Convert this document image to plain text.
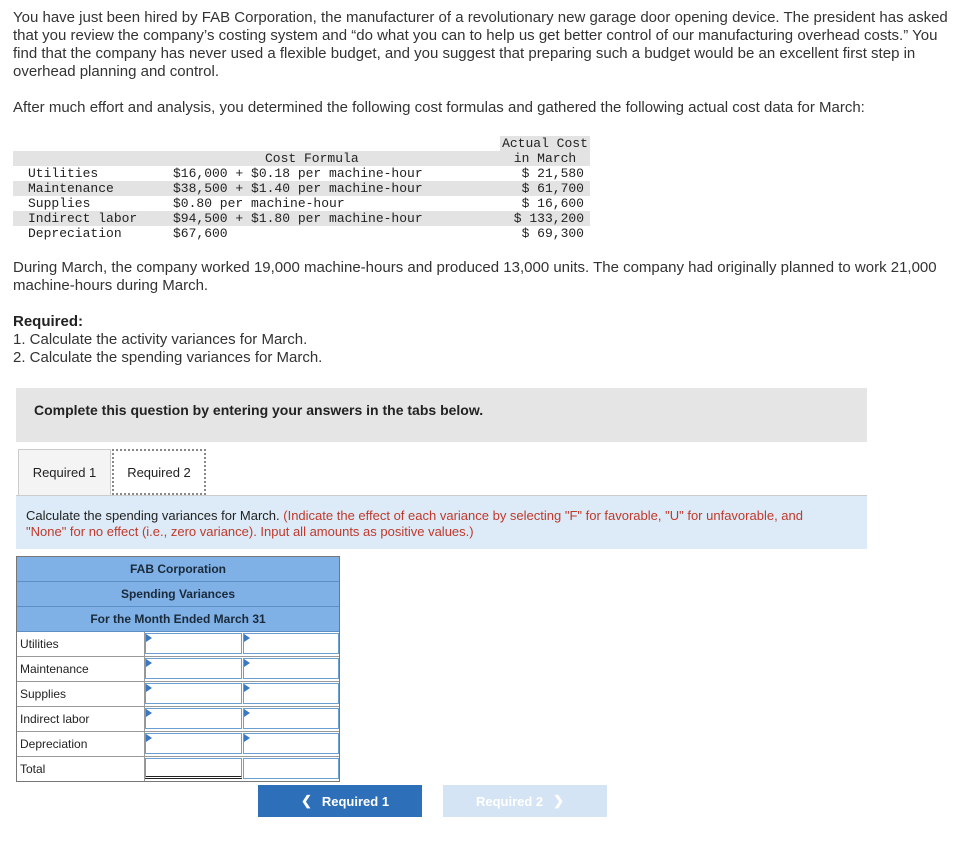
You have just been hired by FAB Corporation, the manufacturer of a revolutionary new garage door opening device. The president has asked that you review the company’s costing system and “do what you can to help us get better control of our manufacturing overhead costs.” You find that the company has never used a flexible budget, and you suggest that preparing such a budget would be an excellent first step in overhead planning and control.
After much effort and analysis, you determined the following cost formulas and gathered the following actual cost data for March:
Cost Formula
Actual Cost
in March
Utilities	$16,000 + $0.18 per machine-hour	$ 21,580
Maintenance	$38,500 + $1.40 per machine-hour	$ 61,700
Supplies	$0.80 per machine-hour	$ 16,600
Indirect labor	$94,500 + $1.80 per machine-hour	$ 133,200
Depreciation	$67,600	$ 69,300
During March, the company worked 19,000 machine-hours and produced 13,000 units. The company had originally planned to work 21,000 machine-hours during March.
Required:
1. Calculate the activity variances for March.
2. Calculate the spending variances for March.
Complete this question by entering your answers in the tabs below.
Required 1	Required 2
Calculate the spending variances for March. (Indicate the effect of each variance by selecting "F" for favorable, "U" for unfavorable, and "None" for no effect (i.e., zero variance). Input all amounts as positive values.)
FAB Corporation
Spending Variances
For the Month Ended March 31
Utilities
Maintenance
Supplies
Indirect labor
Depreciation
Total
❮ Required 1	Required 2 ❯
